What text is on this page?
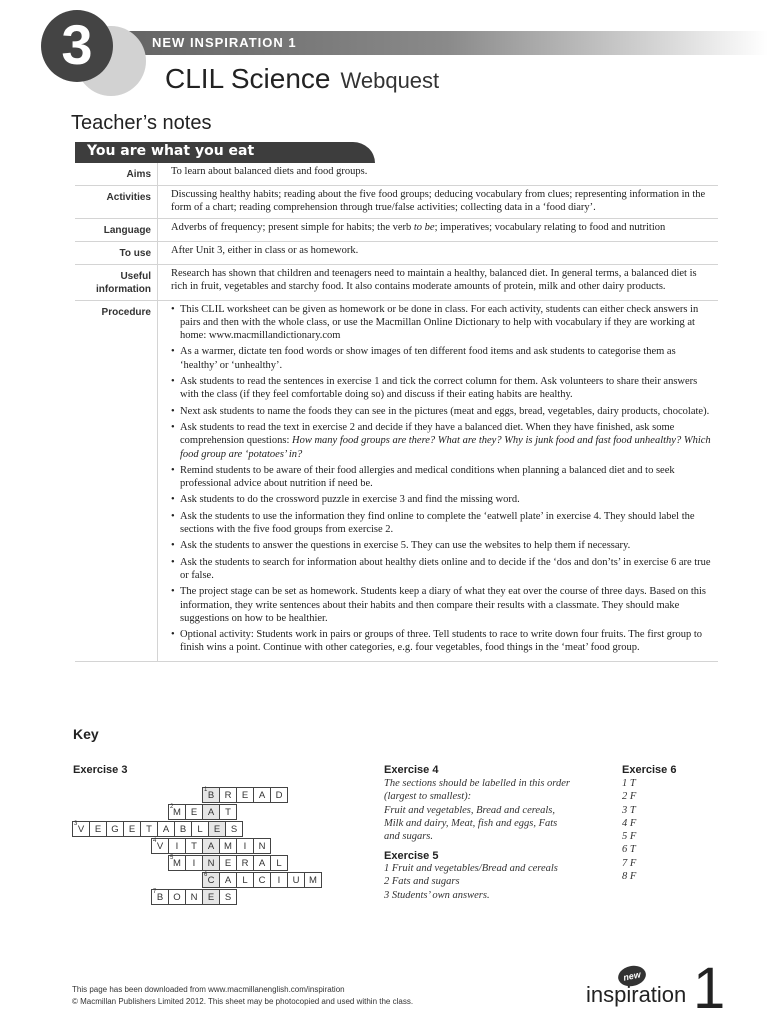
NEW INSPIRATION 1
3
CLIL Science Webquest
Teacher’s notes
You are what you eat
Aims	To learn about balanced diets and food groups.
Activities	Discussing healthy habits; reading about the five food groups; deducing vocabulary from clues; representing information in the form of a chart; reading comprehension through true/false activities; collecting data in a ‘food diary’.
Language	Adverbs of frequency; present simple for habits; the verb to be; imperatives; vocabulary relating to food and nutrition
To use	After Unit 3, either in class or as homework.
Useful
information
Research has shown that children and teenagers need to maintain a healthy, balanced diet. In general terms, a balanced diet is rich in fruit, vegetables and starchy food. It also contains moderate amounts of protein, milk and other dairy products.
Procedure
•	This CLIL worksheet can be given as homework or be done in class. For each activity, students can either check answers in pairs and then with the whole class, or use the Macmillan Online Dictionary to help with vocabulary if they are working at home: www.macmillandictionary.com
• As a warmer, dictate ten food words or show images of ten different food items and ask students to categorise them as ‘healthy’ or ‘unhealthy’.
• Ask students to read the sentences in exercise 1 and tick the correct column for them. Ask volunteers to share their answers with the class (if they feel comfortable doing so) and discuss if their eating habits are healthy.
• Next ask students to name the foods they can see in the pictures (meat and eggs, bread, vegetables, dairy products, chocolate).
• Ask students to read the text in exercise 2 and decide if they have a balanced diet. When they have finished, ask some comprehension questions: How many food groups are there? What are they? Why is junk food and fast food unhealthy? Which food group are ‘potatoes’ in?
• Remind students to be aware of their food allergies and medical conditions when planning a balanced diet and to seek professional advice about nutrition if need be.
• Ask students to do the crossword puzzle in exercise 3 and find the missing word.
• Ask the students to use the information they find online to complete the ‘eatwell plate’ in exercise 4. They should label the sections with the five food groups from exercise 2.
• Ask the students to answer the questions in exercise 5. They can use the websites to help them if necessary.
• Ask the students to search for information about healthy diets online and to decide if the ‘dos and don’ts’ in exercise 6 are true or false.
• The project stage can be set as homework. Students keep a diary of what they eat over the course of three days. Based on this information, they write sentences about their habits and then compare their results with a classmate. They should make suggestions on how to be healthier.
• Optional activity: Students work in pairs or groups of three. Tell students to race to write down four fruits. The first group to finish wins a point. Continue with other categories, e.g. four vegetables, food things in the ‘meat’ food group.
Key
Exercise 3
1 B	R	E	A	D
2 M	E	A	T
3 V	E	G	E	T	A	B	L	E	S
4 V	I	T	A	M	I	N
5 M	I	N	E	R	A	L
6 C	A	L	C	I	U	M
7 B	O	N	E	S
Exercise 4
The sections should be labelled in this order
(largest to smallest):
Fruit and vegetables, Bread and cereals,
Milk and dairy, Meat, fish and eggs, Fats
and sugars.
Exercise 5
1 Fruit and vegetables/Bread and cereals
2 Fats and sugars
3 Students’ own answers.
Exercise 6
1 T
2 F
3 T
4 F
5 F
6 T
7 F
8 F
This page has been downloaded from www.macmillanenglish.com/inspiration
© Macmillan Publishers Limited 2012. This sheet may be photocopied and used within the class.
new
inspiration 1
